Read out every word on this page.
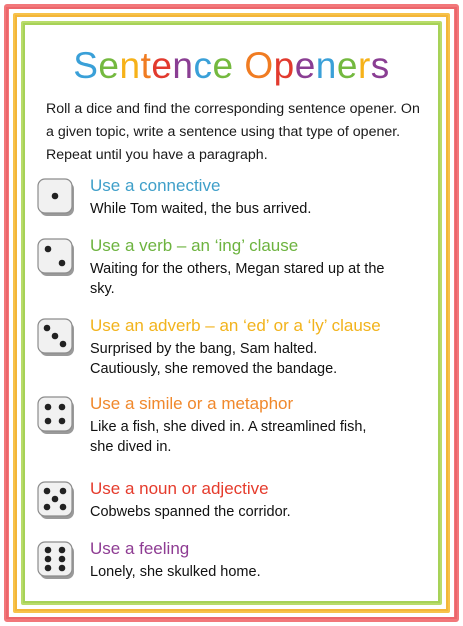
Sentence Openers
Roll a dice and find the corresponding sentence opener. On a given topic, write a sentence using that type of opener. Repeat until you have a paragraph.
Use a connective
While Tom waited, the bus arrived.
Use a verb – an ‘ing’ clause
Waiting for the others, Megan stared up at the sky.
Use an adverb – an ‘ed’ or a ‘ly’ clause
Surprised by the bang, Sam halted. Cautiously, she removed the bandage.
Use a simile or a metaphor
Like a fish, she dived in. A streamlined fish, she dived in.
Use a noun or adjective
Cobwebs spanned the corridor.
Use a feeling
Lonely, she skulked home.
